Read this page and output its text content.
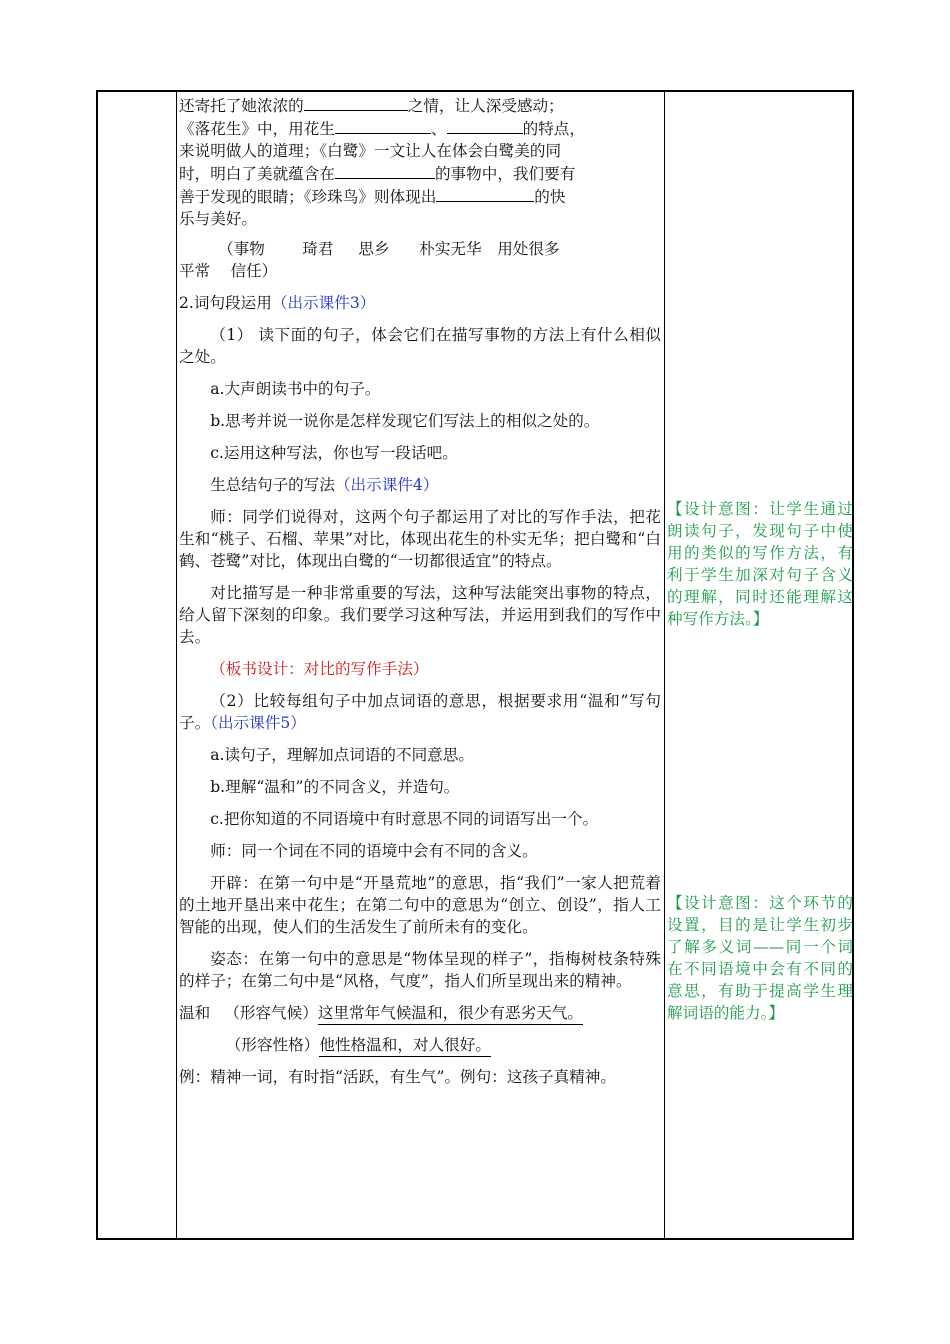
还寄托了她浓浓的	之情，让人深受感动；
《落花生》中，用花生	、	的特点，
来说明做人的道理；《白鹭》一文让人在体会白鹭美的同
时，明白了美就蕴含在	的事物中，我们要有
善于发现的眼睛；《珍珠鸟》则体现出	的快
乐与美好。

（事物 琦君 思乡 朴实无华 用处很多
平常 信任）

2.词句段运用（出示课件3）

（1） 读下面的句子，体会它们在描写事物的方法上有什么相似之处。

a.大声朗读书中的句子。

b.思考并说一说你是怎样发现它们写法上的相似之处的。

c.运用这种写法，你也写一段话吧。

生总结句子的写法（出示课件4）

师：同学们说得对，这两个句子都运用了对比的写作手法，把花生和“桃子、石榴、苹果”对比，体现出花生的朴实无华；把白鹭和“白鹤、苍鹭”对比，体现出白鹭的“一切都很适宜”的特点。

对比描写是一种非常重要的写法，这种写法能突出事物的特点，给人留下深刻的印象。我们要学习这种写法，并运用到我们的写作中去。

（板书设计：对比的写作手法）

（2）比较每组句子中加点词语的意思，根据要求用“温和”写句子。（出示课件5）

a.读句子，理解加点词语的不同意思。

b.理解“温和”的不同含义，并造句。

c.把你知道的不同语境中有时意思不同的词语写出一个。

师：同一个词在不同的语境中会有不同的含义。

开辟：在第一句中是“开垦荒地”的意思，指“我们”一家人把荒着的土地开垦出来中花生；在第二句中的意思为“创立、创设”，指人工智能的出现，使人们的生活发生了前所未有的变化。

姿态：在第一句中的意思是“物体呈现的样子”，指梅树枝条特殊的样子；在第二句中是“风格，气度”，指人们所呈现出来的精神。

温和 （形容气候）这里常年气候温和，很少有恶劣天气。

（形容性格）他性格温和，对人很好。

例：精神一词，有时指“活跃，有生气”。例句：这孩子真精神。

【设计意图：让学生通过朗读句子，发现句子中使用的类似的写作方法，有利于学生加深对句子含义的理解，同时还能理解这种写作方法。】
【设计意图：这个环节的设置，目的是让学生初步了解多义词——同一个词在不同语境中会有不同的意思，有助于提高学生理解词语的能力。】
